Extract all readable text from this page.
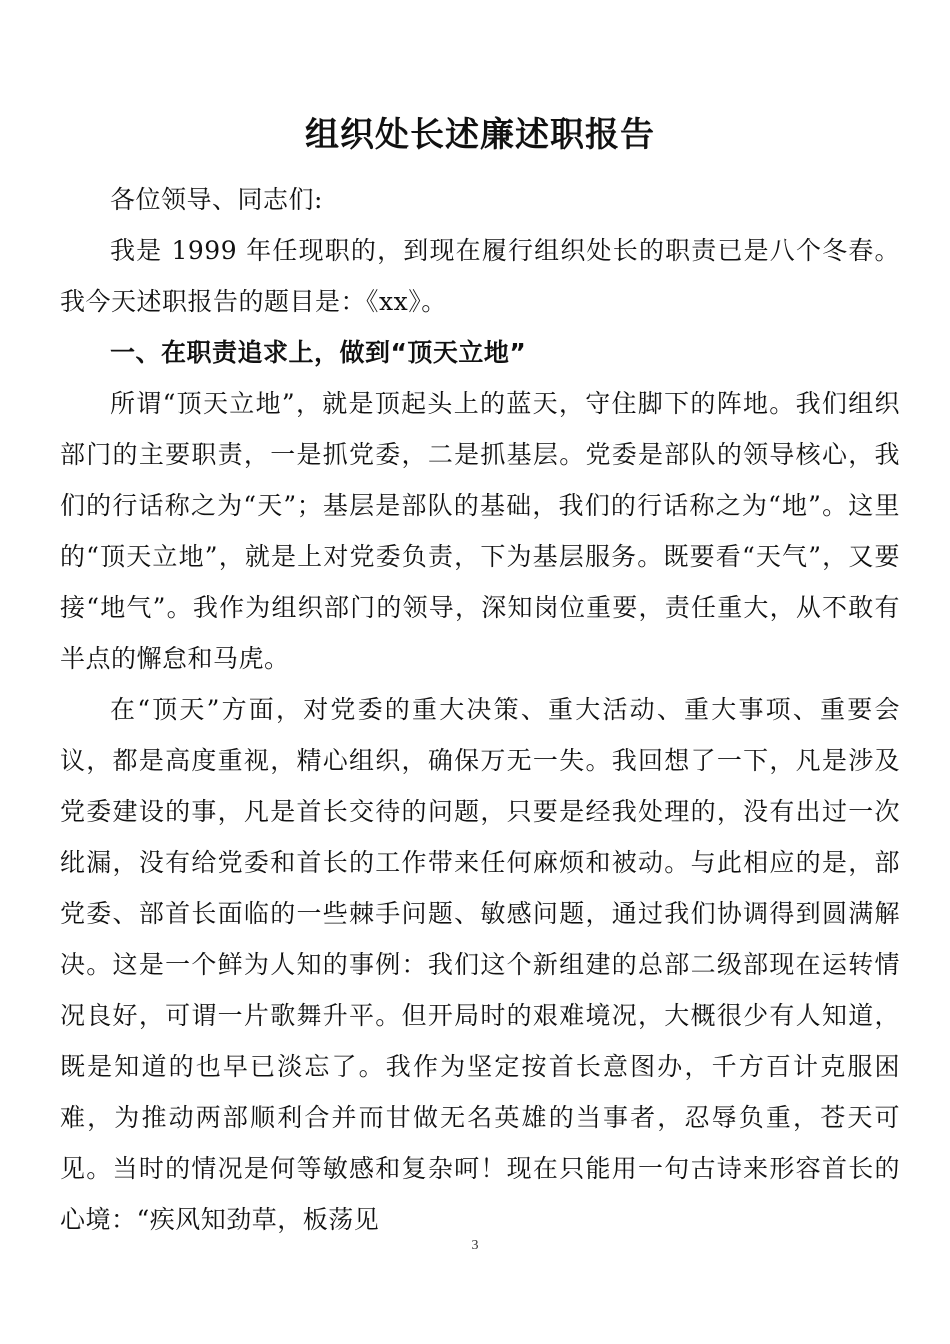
组织处长述廉述职报告

各位领导、同志们:

我是 1999 年任现职的，到现在履行组织处长的职责已是八个冬春。我今天述职报告的题目是：《xx》。

一、在职责追求上，做到“顶天立地”

所谓“顶天立地”，就是顶起头上的蓝天，守住脚下的阵地。我们组织部门的主要职责，一是抓党委，二是抓基层。党委是部队的领导核心，我们的行话称之为“天”；基层是部队的基础，我们的行话称之为“地”。这里的“顶天立地”，就是上对党委负责，下为基层服务。既要看“天气”，又要接“地气”。我作为组织部门的领导，深知岗位重要，责任重大，从不敢有半点的懈怠和马虎。

在“顶天”方面，对党委的重大决策、重大活动、重大事项、重要会议，都是高度重视，精心组织，确保万无一失。我回想了一下，凡是涉及党委建设的事，凡是首长交待的问题，只要是经我处理的，没有出过一次纰漏，没有给党委和首长的工作带来任何麻烦和被动。与此相应的是，部党委、部首长面临的一些棘手问题、敏感问题，通过我们协调得到圆满解决。这是一个鲜为人知的事例：我们这个新组建的总部二级部现在运转情况良好，可谓一片歌舞升平。但开局时的艰难境况，大概很少有人知道，既是知道的也早已淡忘了。我作为坚定按首长意图办，千方百计克服困难，为推动两部顺利合并而甘做无名英雄的当事者，忍辱负重，苍天可见。当时的情况是何等敏感和复杂呵！现在只能用一句古诗来形容首长的心境：“疾风知劲草，板荡见

3
